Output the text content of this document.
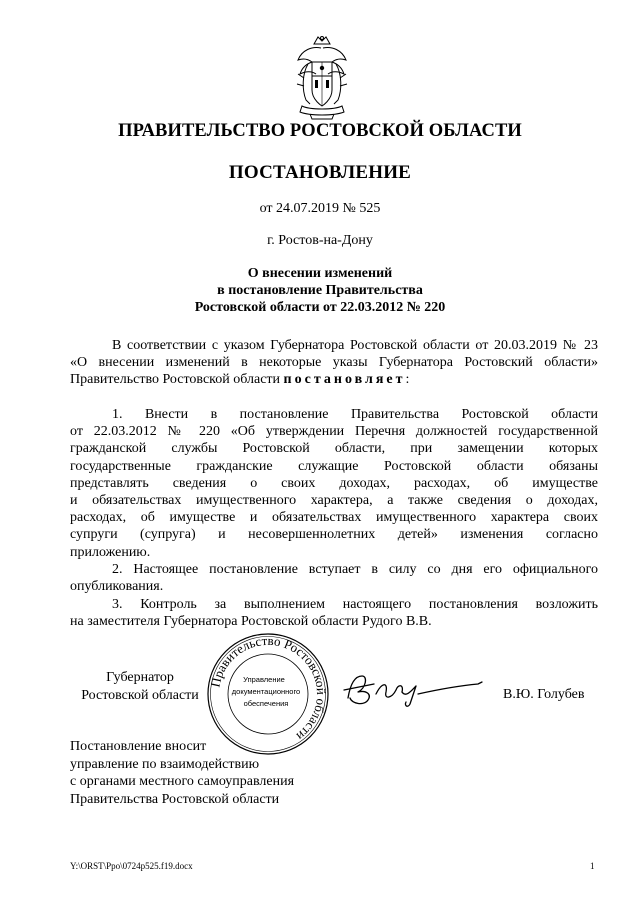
ПРАВИТЕЛЬСТВО РОСТОВСКОЙ ОБЛАСТИ
ПОСТАНОВЛЕНИЕ
от 24.07.2019 № 525
г. Ростов-на-Дону
О внесении изменений
в постановление Правительства
Ростовской области от 22.03.2012 № 220
В соответствии с указом Губернатора Ростовской области от 20.03.2019 № 23
«О внесении изменений в некоторые указы Губернатора Ростовский области»
Правительство Ростовской области постановляет:
1. Внести в постановление Правительства Ростовской области
от 22.03.2012 № 220 «Об утверждении Перечня должностей государственной
гражданской службы Ростовской области, при замещении которых
государственные гражданские служащие Ростовской области обязаны
представлять сведения о своих доходах, расходах, об имуществе
и обязательствах имущественного характера, а также сведения о доходах,
расходах, об имуществе и обязательствах имущественного характера своих
супруги (супруга) и несовершеннолетних детей» изменения согласно
приложению.
2. Настоящее постановление вступает в силу со дня его официального
опубликования.
3. Контроль за выполнением настоящего постановления возложить
на заместителя Губернатора Ростовской области Рудого В.В.
Губернатор
Ростовской области
Правительство Ростовской области
Управление
документационного
обеспечения
В.Ю. Голубев
Постановление вносит
управление по взаимодействию
с органами местного самоуправления
Правительства Ростовской области
Y:\ORST\Ppo\0724p525.f19.docx	1
